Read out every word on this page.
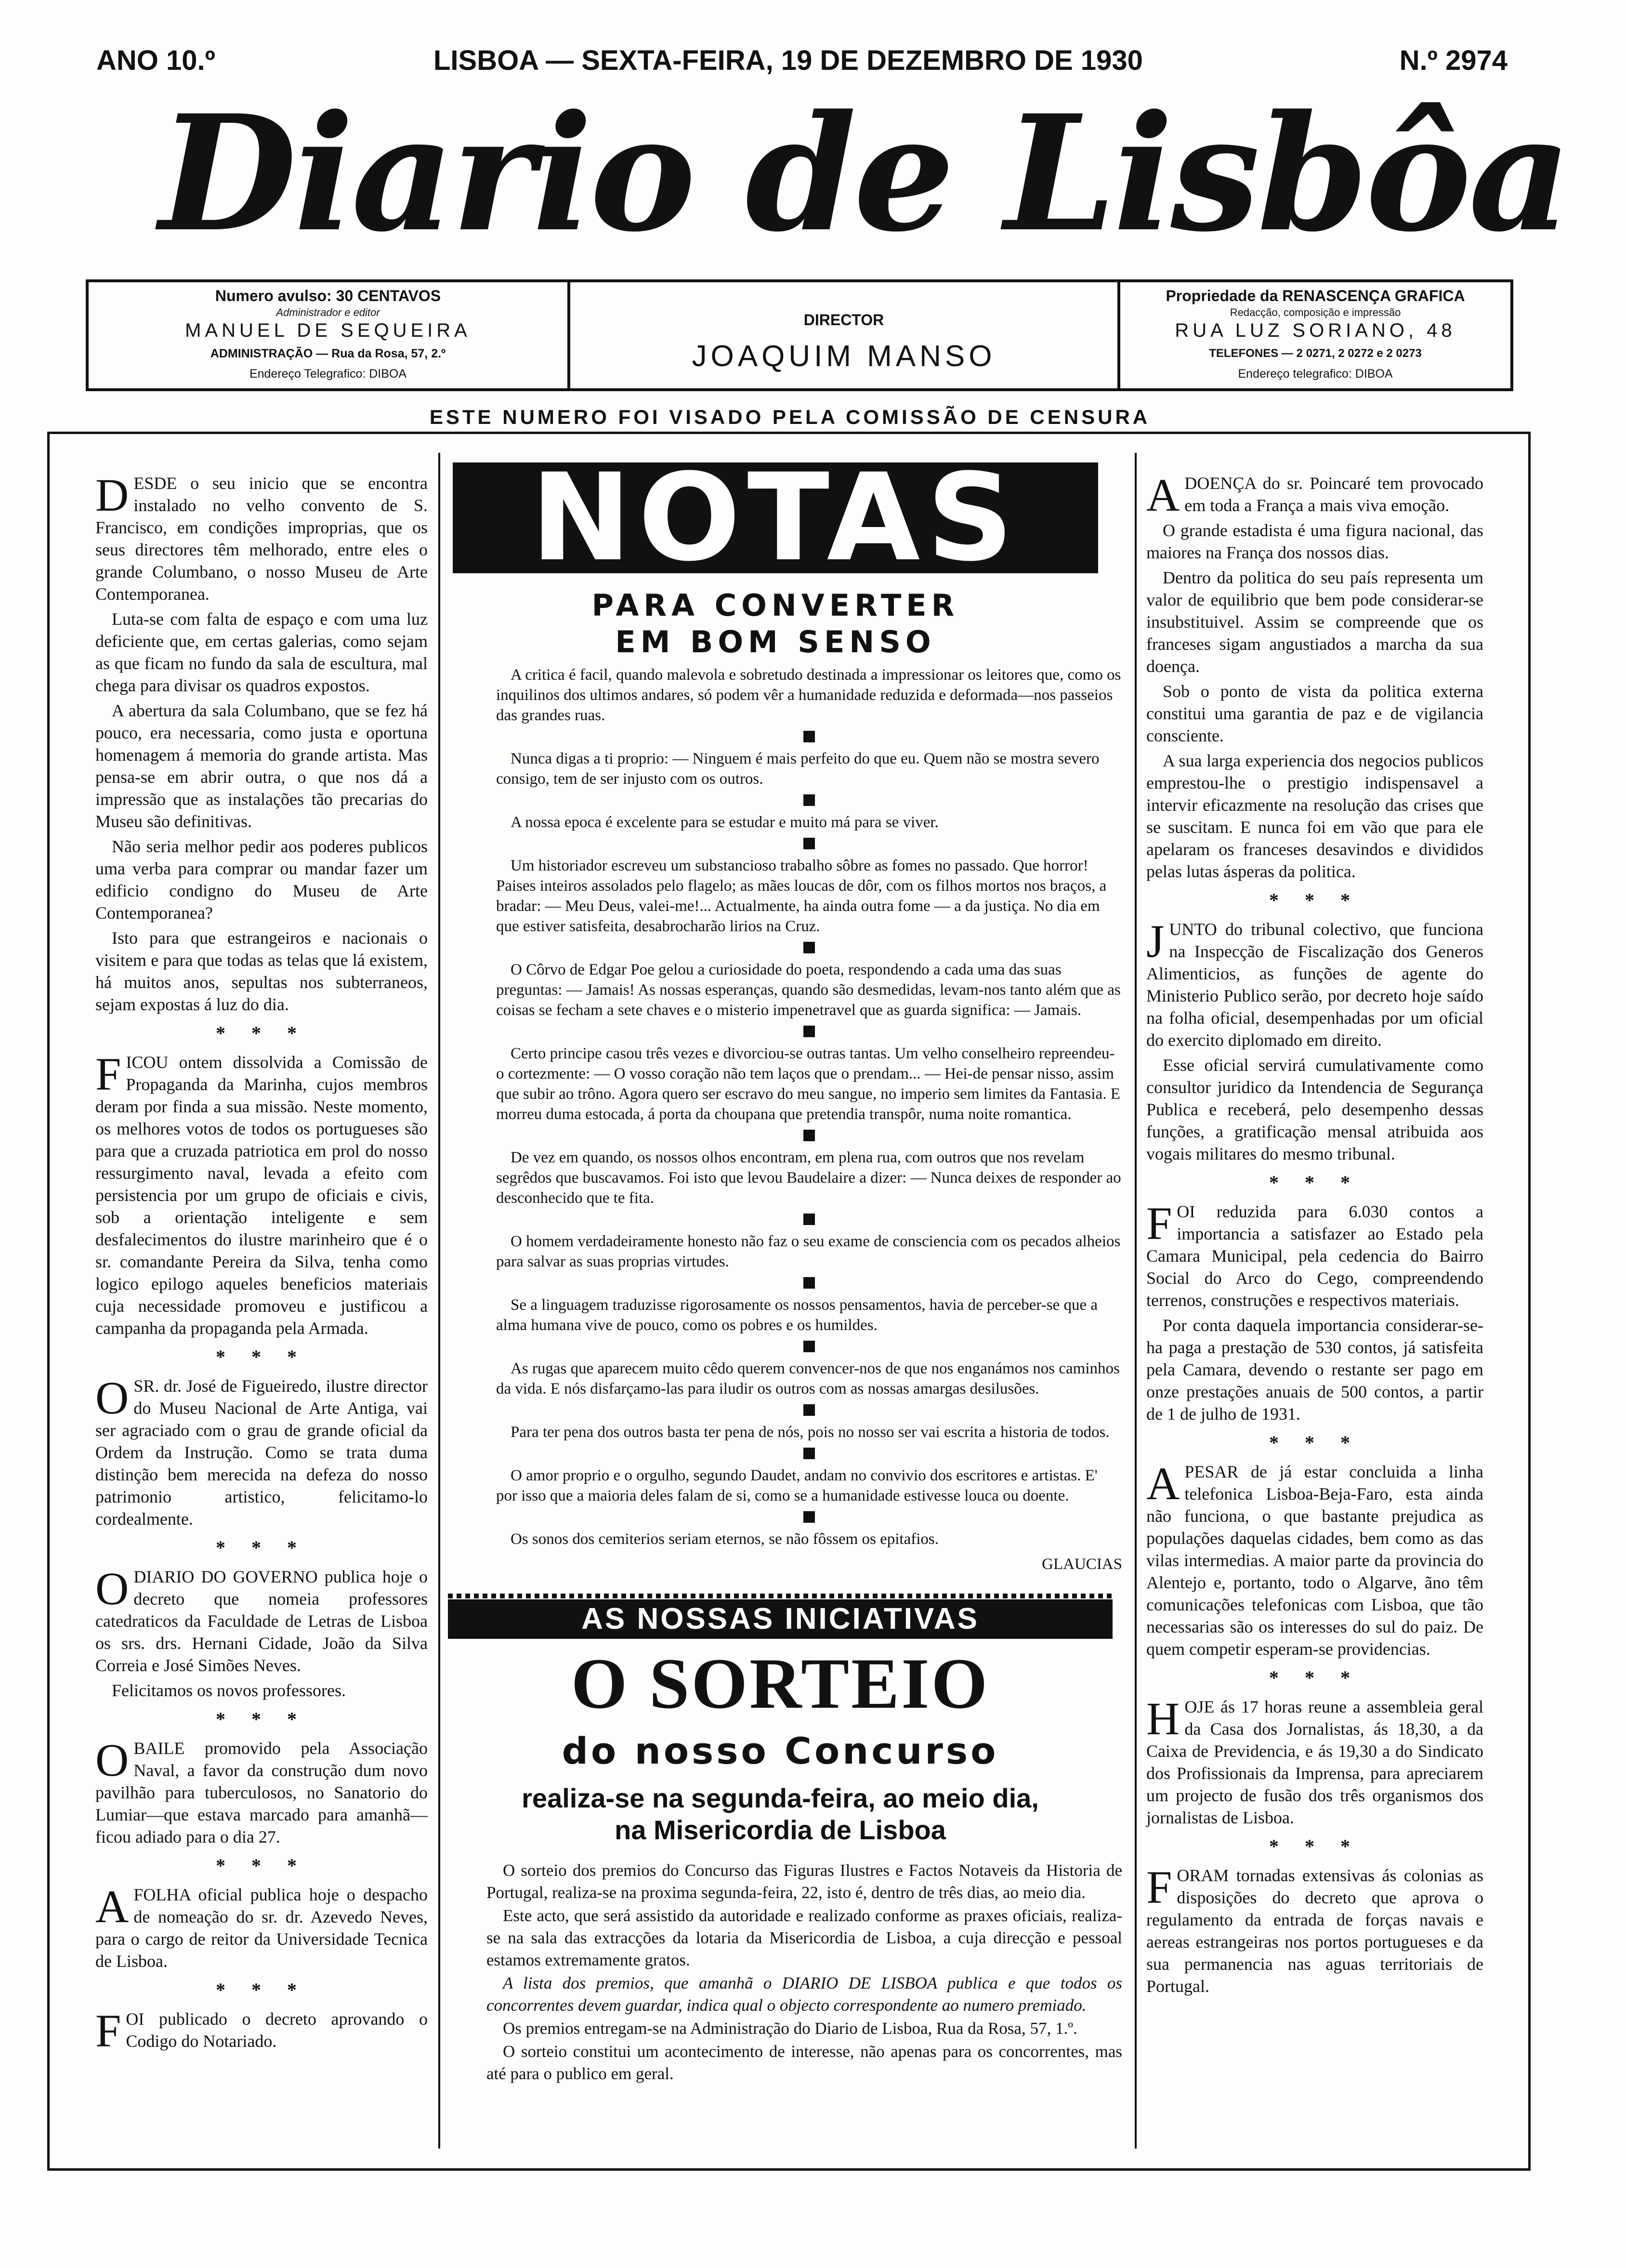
ANO 10.º	LISBOA — SEXTA-FEIRA, 19 DE DEZEMBRO DE 1930	N.º 2974
Diario de Lisbôa
Numero avulso: 30 CENTAVOS
Administrador e editor
MANUEL DE SEQUEIRA
ADMINISTRAÇÃO — Rua da Rosa, 57, 2.º
Endereço Telegrafico: DIBOA
DIRECTOR
JOAQUIM MANSO
Propriedade da RENASCENÇA GRAFICA
Redacção, composição e impressão
RUA LUZ SORIANO, 48
TELEFONES — 2 0271, 2 0272 e 2 0273
Endereço telegrafico: DIBOA
ESTE NUMERO FOI VISADO PELA COMISSÃO DE CENSURA

DESDE o seu inicio que se encontra instalado no velho convento de S. Francisco, em condições improprias, que os seus directores têm melhorado, entre eles o grande Columbano, o nosso Museu de Arte Contemporanea.

Luta-se com falta de espaço e com uma luz deficiente que, em certas galerias, como sejam as que ficam no fundo da sala de escultura, mal chega para divisar os quadros expostos.

A abertura da sala Columbano, que se fez há pouco, era necessaria, como justa e oportuna homenagem á memoria do grande artista. Mas pensa-se em abrir outra, o que nos dá a impressão que as instalações tão precarias do Museu são definitivas.

Não seria melhor pedir aos poderes publicos uma verba para comprar ou mandar fazer um edificio condigno do Museu de Arte Contemporanea?

Isto para que estrangeiros e nacionais o visitem e para que todas as telas que lá existem, há muitos anos, sepultas nos subterraneos, sejam expostas á luz do dia.

* * *

FICOU ontem dissolvida a Comissão de Propaganda da Marinha, cujos membros deram por finda a sua missão. Neste momento, os melhores votos de todos os portugueses são para que a cruzada patriotica em prol do nosso ressurgimento naval, levada a efeito com persistencia por um grupo de oficiais e civis, sob a orientação inteligente e sem desfalecimentos do ilustre marinheiro que é o sr. comandante Pereira da Silva, tenha como logico epilogo aqueles beneficios materiais cuja necessidade promoveu e justificou a campanha da propaganda pela Armada.

* * *

OSR. dr. José de Figueiredo, ilustre director do Museu Nacional de Arte Antiga, vai ser agraciado com o grau de grande oficial da Ordem da Instrução. Como se trata duma distinção bem merecida na defeza do nosso patrimonio artistico, felicitamo-lo cordealmente.

* * *

ODIARIO DO GOVERNO publica hoje o decreto que nomeia professores catedraticos da Faculdade de Letras de Lisboa os srs. drs. Hernani Cidade, João da Silva Correia e José Simões Neves.

Felicitamos os novos professores.

* * *

OBAILE promovido pela Associação Naval, a favor da construção dum novo pavilhão para tuberculosos, no Sanatorio do Lumiar—que estava marcado para amanhã—ficou adiado para o dia 27.

* * *

AFOLHA oficial publica hoje o despacho de nomeação do sr. dr. Azevedo Neves, para o cargo de reitor da Universidade Tecnica de Lisboa.

* * *

FOI publicado o decreto aprovando o Codigo do Notariado.

NOTAS
PARA CONVERTER
EM BOM SENSO

A critica é facil, quando malevola e sobretudo destinada a impressionar os leitores que, como os inquilinos dos ultimos andares, só podem vêr a humanidade reduzida e deformada—nos passeios das grandes ruas.

Nunca digas a ti proprio: — Ninguem é mais perfeito do que eu. Quem não se mostra severo consigo, tem de ser injusto com os outros.

A nossa epoca é excelente para se estudar e muito má para se viver.

Um historiador escreveu um substancioso trabalho sôbre as fomes no passado. Que horror! Paises inteiros assolados pelo flagelo; as mães loucas de dôr, com os filhos mortos nos braços, a bradar: — Meu Deus, valei-me!... Actualmente, ha ainda outra fome — a da justiça. No dia em que estiver satisfeita, desabrocharão lirios na Cruz.

O Côrvo de Edgar Poe gelou a curiosidade do poeta, respondendo a cada uma das suas preguntas: — Jamais! As nossas esperanças, quando são desmedidas, levam-nos tanto além que as coisas se fecham a sete chaves e o misterio impenetravel que as guarda significa: — Jamais.

Certo principe casou três vezes e divorciou-se outras tantas. Um velho conselheiro repreendeu-o cortezmente: — O vosso coração não tem laços que o prendam... — Hei-de pensar nisso, assim que subir ao trôno. Agora quero ser escravo do meu sangue, no imperio sem limites da Fantasia. E morreu duma estocada, á porta da choupana que pretendia transpôr, numa noite romantica.

De vez em quando, os nossos olhos encontram, em plena rua, com outros que nos revelam segrêdos que buscavamos. Foi isto que levou Baudelaire a dizer: — Nunca deixes de responder ao desconhecido que te fita.

O homem verdadeiramente honesto não faz o seu exame de consciencia com os pecados alheios para salvar as suas proprias virtudes.

Se a linguagem traduzisse rigorosamente os nossos pensamentos, havia de perceber-se que a alma humana vive de pouco, como os pobres e os humildes.

As rugas que aparecem muito cêdo querem convencer-nos de que nos enganámos nos caminhos da vida. E nós disfarçamo-las para iludir os outros com as nossas amargas desilusões.

Para ter pena dos outros basta ter pena de nós, pois no nosso ser vai escrita a historia de todos.

O amor proprio e o orgulho, segundo Daudet, andam no convivio dos escritores e artistas. E' por isso que a maioria deles falam de si, como se a humanidade estivesse louca ou doente.

Os sonos dos cemiterios seriam eternos, se não fôssem os epitafios.

GLAUCIAS
AS NOSSAS INICIATIVAS
O SORTEIO
do nosso Concurso
realiza-se na segunda-feira, ao meio dia,
na Misericordia de Lisboa

O sorteio dos premios do Concurso das Figuras Ilustres e Factos Notaveis da Historia de Portugal, realiza-se na proxima segunda-feira, 22, isto é, dentro de três dias, ao meio dia.

Este acto, que será assistido da autoridade e realizado conforme as praxes oficiais, realiza-se na sala das extracções da lotaria da Misericordia de Lisboa, a cuja direcção e pessoal estamos extremamente gratos.

A lista dos premios, que amanhã o DIARIO DE LISBOA publica e que todos os concorrentes devem guardar, indica qual o objecto correspondente ao numero premiado.

Os premios entregam-se na Administração do Diario de Lisboa, Rua da Rosa, 57, 1.º.

O sorteio constitui um acontecimento de interesse, não apenas para os concorrentes, mas até para o publico em geral.

ADOENÇA do sr. Poincaré tem provocado em toda a França a mais viva emoção.

O grande estadista é uma figura nacional, das maiores na França dos nossos dias.

Dentro da politica do seu país representa um valor de equilibrio que bem pode considerar-se insubstituivel. Assim se compreende que os franceses sigam angustiados a marcha da sua doença.

Sob o ponto de vista da politica externa constitui uma garantia de paz e de vigilancia consciente.

A sua larga experiencia dos negocios publicos emprestou-lhe o prestigio indispensavel a intervir eficazmente na resolução das crises que se suscitam. E nunca foi em vão que para ele apelaram os franceses desavindos e divididos pelas lutas ásperas da politica.

* * *

JUNTO do tribunal colectivo, que funciona na Inspecção de Fiscalização dos Generos Alimenticios, as funções de agente do Ministerio Publico serão, por decreto hoje saído na folha oficial, desempenhadas por um oficial do exercito diplomado em direito.

Esse oficial servirá cumulativamente como consultor juridico da Intendencia de Segurança Publica e receberá, pelo desempenho dessas funções, a gratificação mensal atribuida aos vogais militares do mesmo tribunal.

* * *

FOI reduzida para 6.030 contos a importancia a satisfazer ao Estado pela Camara Municipal, pela cedencia do Bairro Social do Arco do Cego, compreendendo terrenos, construções e respectivos materiais.

Por conta daquela importancia considerar-se-ha paga a prestação de 530 contos, já satisfeita pela Camara, devendo o restante ser pago em onze prestações anuais de 500 contos, a partir de 1 de julho de 1931.

* * *

APESAR de já estar concluida a linha telefonica Lisboa-Beja-Faro, esta ainda não funciona, o que bastante prejudica as populações daquelas cidades, bem como as das vilas intermedias. A maior parte da provincia do Alentejo e, portanto, todo o Algarve, ãno têm comunicações telefonicas com Lisboa, que tão necessarias são os interesses do sul do paiz. De quem competir esperam-se providencias.

* * *

HOJE ás 17 horas reune a assembleia geral da Casa dos Jornalistas, ás 18,30, a da Caixa de Previdencia, e ás 19,30 a do Sindicato dos Profissionais da Imprensa, para apreciarem um projecto de fusão dos três organismos dos jornalistas de Lisboa.

* * *

FORAM tornadas extensivas ás colonias as disposições do decreto que aprova o regulamento da entrada de forças navais e aereas estrangeiras nos portos portugueses e da sua permanencia nas aguas territoriais de Portugal.
